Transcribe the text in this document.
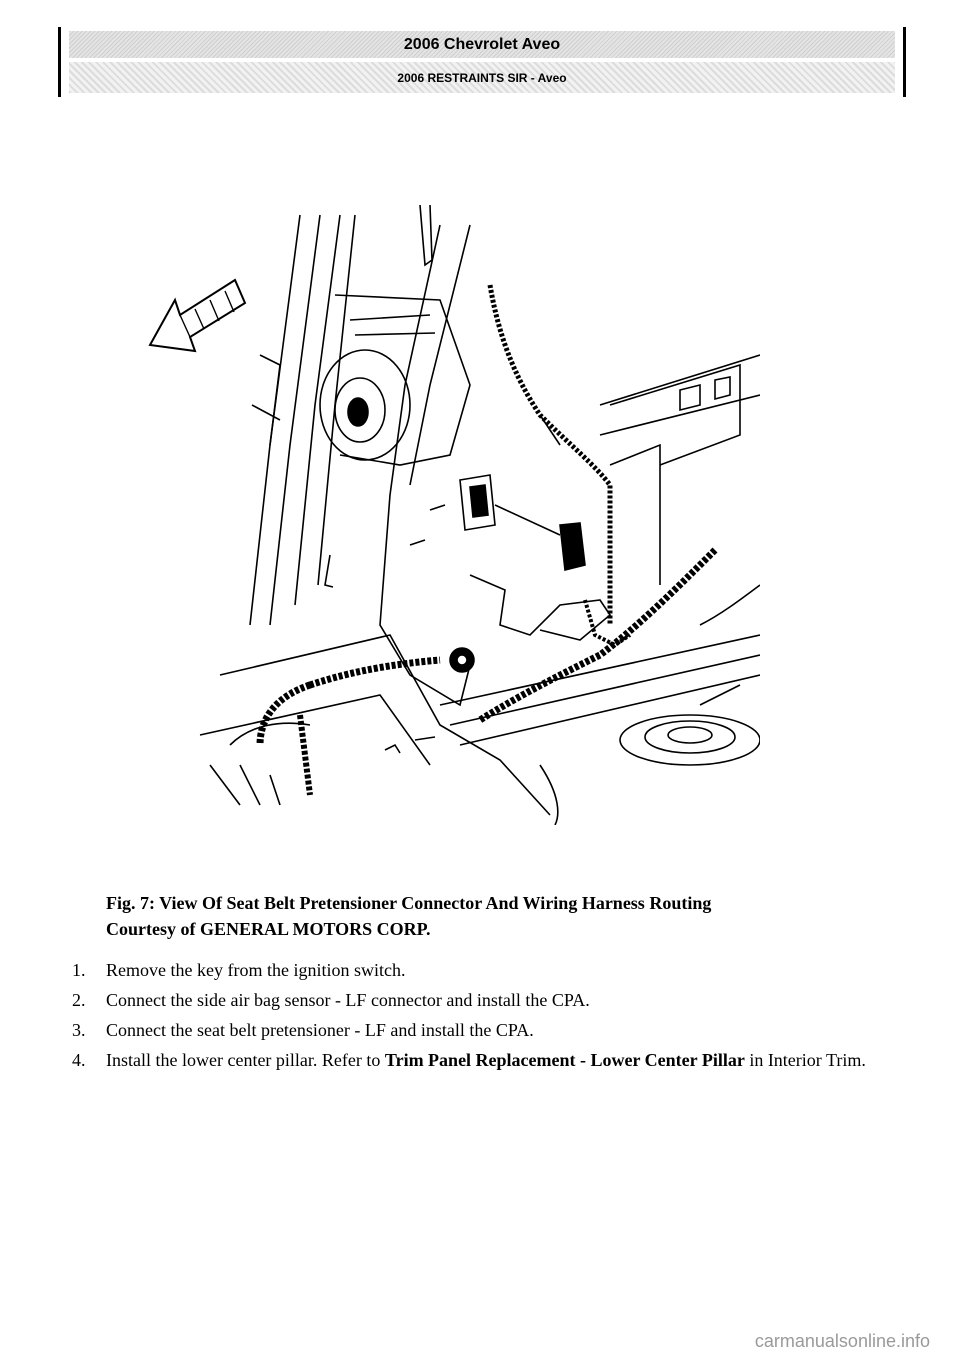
2006 Chevrolet Aveo
2006 RESTRAINTS SIR - Aveo
Fig. 7: View Of Seat Belt Pretensioner Connector And Wiring Harness Routing
Courtesy of GENERAL MOTORS CORP.
1. Remove the key from the ignition switch.
2. Connect the side air bag sensor - LF connector and install the CPA.
3. Connect the seat belt pretensioner - LF and install the CPA.
4. Install the lower center pillar. Refer to Trim Panel Replacement - Lower Center Pillar in Interior Trim.
carmanualsonline.info
